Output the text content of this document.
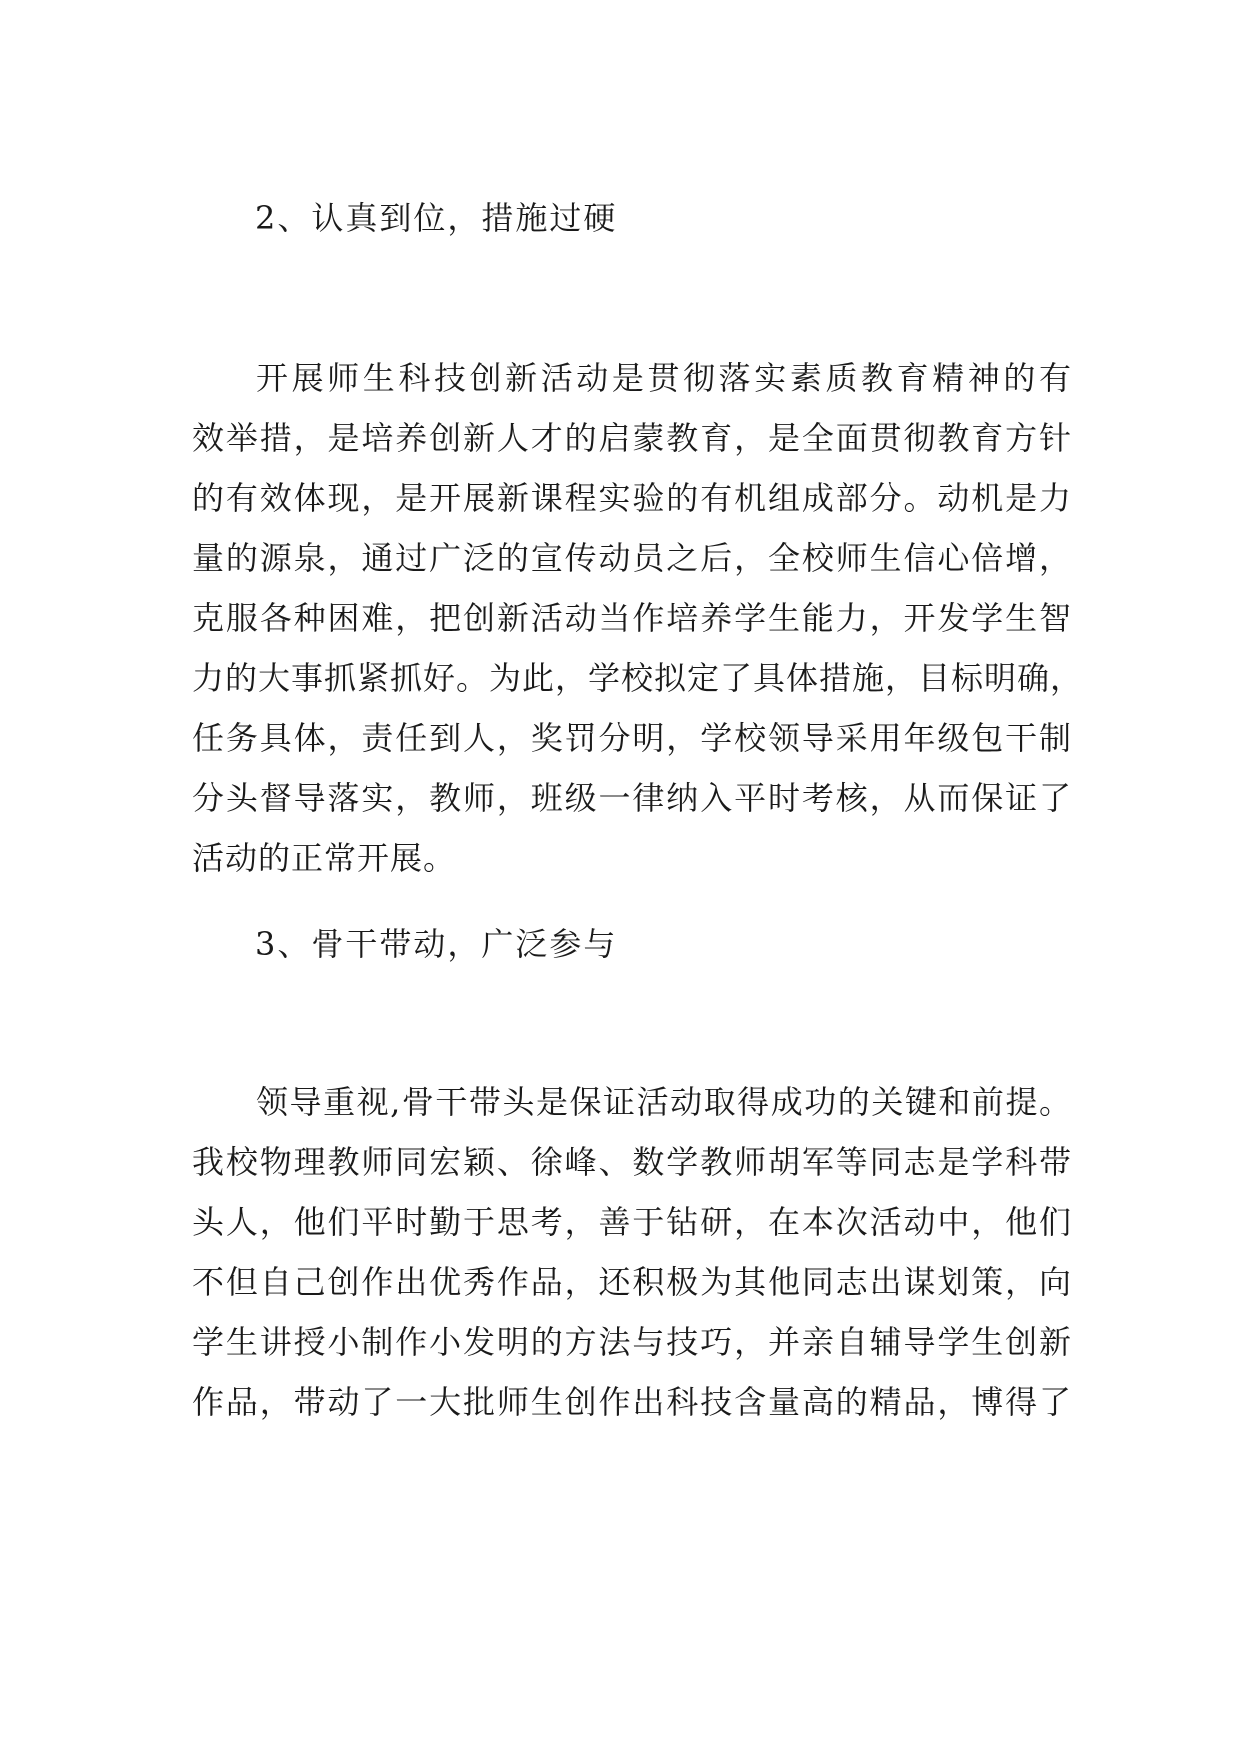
2、认真到位，措施过硬
开展师生科技创新活动是贯彻落实素质教育精神的有
效举措，是培养创新人才的启蒙教育，是全面贯彻教育方针
的有效体现，是开展新课程实验的有机组成部分。动机是力
量的源泉，通过广泛的宣传动员之后，全校师生信心倍增，
克服各种困难，把创新活动当作培养学生能力，开发学生智
力的大事抓紧抓好。为此，学校拟定了具体措施，目标明确，
任务具体，责任到人，奖罚分明，学校领导采用年级包干制
分头督导落实，教师，班级一律纳入平时考核，从而保证了
活动的正常开展。
3、骨干带动，广泛参与
领导重视,骨干带头是保证活动取得成功的关键和前提。
我校物理教师同宏颖、徐峰、数学教师胡军等同志是学科带
头人，他们平时勤于思考，善于钻研，在本次活动中，他们
不但自己创作出优秀作品，还积极为其他同志出谋划策，向
学生讲授小制作小发明的方法与技巧，并亲自辅导学生创新
作品，带动了一大批师生创作出科技含量高的精品，博得了
